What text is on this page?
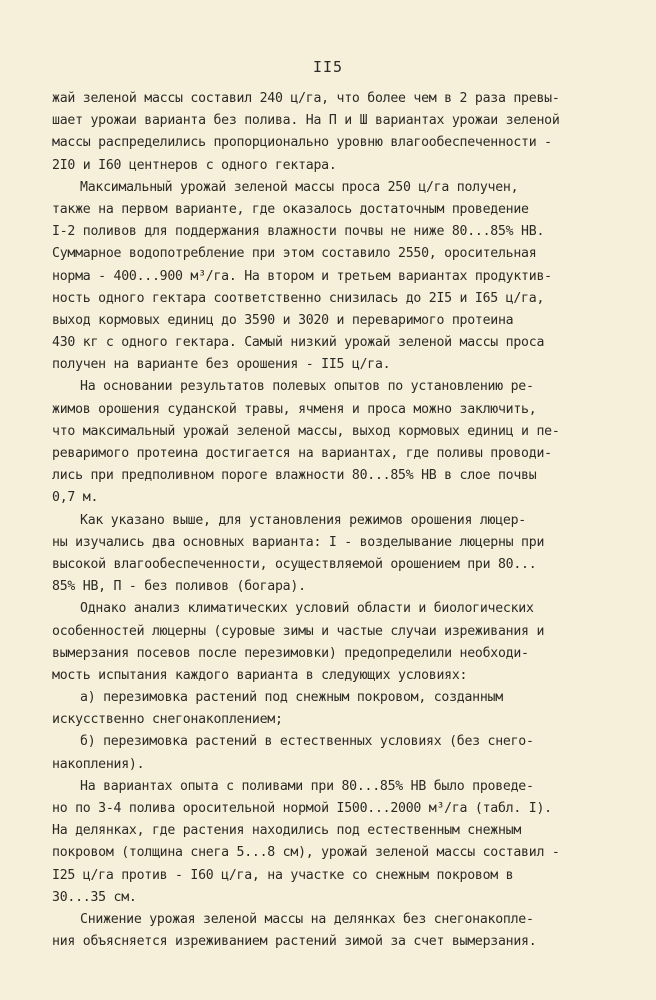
II5
жай зеленой массы составил 240 ц/га, что более чем в 2 раза превы-
шает урожаи варианта без полива. На П и Ш вариантах урожаи зеленой
массы распределились пропорционально уровню влагообеспеченности -
2I0 и I60 центнеров с одного гектара.
Максимальный урожай зеленой массы проса 250 ц/га получен,
также на первом варианте, где оказалось достаточным проведение
I-2 поливов для поддержания влажности почвы не ниже 80...85% НВ.
Суммарное водопотребление при этом составило 2550, оросительная
норма - 400...900 м³/га. На втором и третьем вариантах продуктив-
ность одного гектара соответственно снизилась до 2I5 и I65 ц/га,
выход кормовых единиц до 3590 и 3020 и переваримого протеина
430 кг с одного гектара. Самый низкий урожай зеленой массы проса
получен на варианте без орошения - II5 ц/га.
На основании результатов полевых опытов по установлению ре-
жимов орошения суданской травы, ячменя и проса можно заключить,
что максимальный урожай зеленой массы, выход кормовых единиц и пе-
реваримого протеина достигается на вариантах, где поливы проводи-
лись при предполивном пороге влажности 80...85% НВ в слое почвы
0,7 м.
Как указано выше, для установления режимов орошения люцер-
ны изучались два основных варианта: I - возделывание люцерны при
высокой влагообеспеченности, осуществляемой орошением при 80...
85% НВ, П - без поливов (богара).
Однако анализ климатических условий области и биологических
особенностей люцерны (суровые зимы и частые случаи изреживания и
вымерзания посевов после перезимовки) предопределили необходи-
мость испытания каждого варианта в следующих условиях:
а) перезимовка растений под снежным покровом, созданным
искусственно снегонакоплением;
б) перезимовка растений в естественных условиях (без снего-
накопления).
На вариантах опыта с поливами при 80...85% НВ было проведе-
но по 3-4 полива оросительной нормой I500...2000 м³/га (табл. I).
На делянках, где растения находились под естественным снежным
покровом (толщина снега 5...8 см), урожай зеленой массы составил -
I25 ц/га против - I60 ц/га, на участке со снежным покровом в
30...35 см.
Снижение урожая зеленой массы на делянках без снегонакопле-
ния объясняется изреживанием растений зимой за счет вымерзания.
